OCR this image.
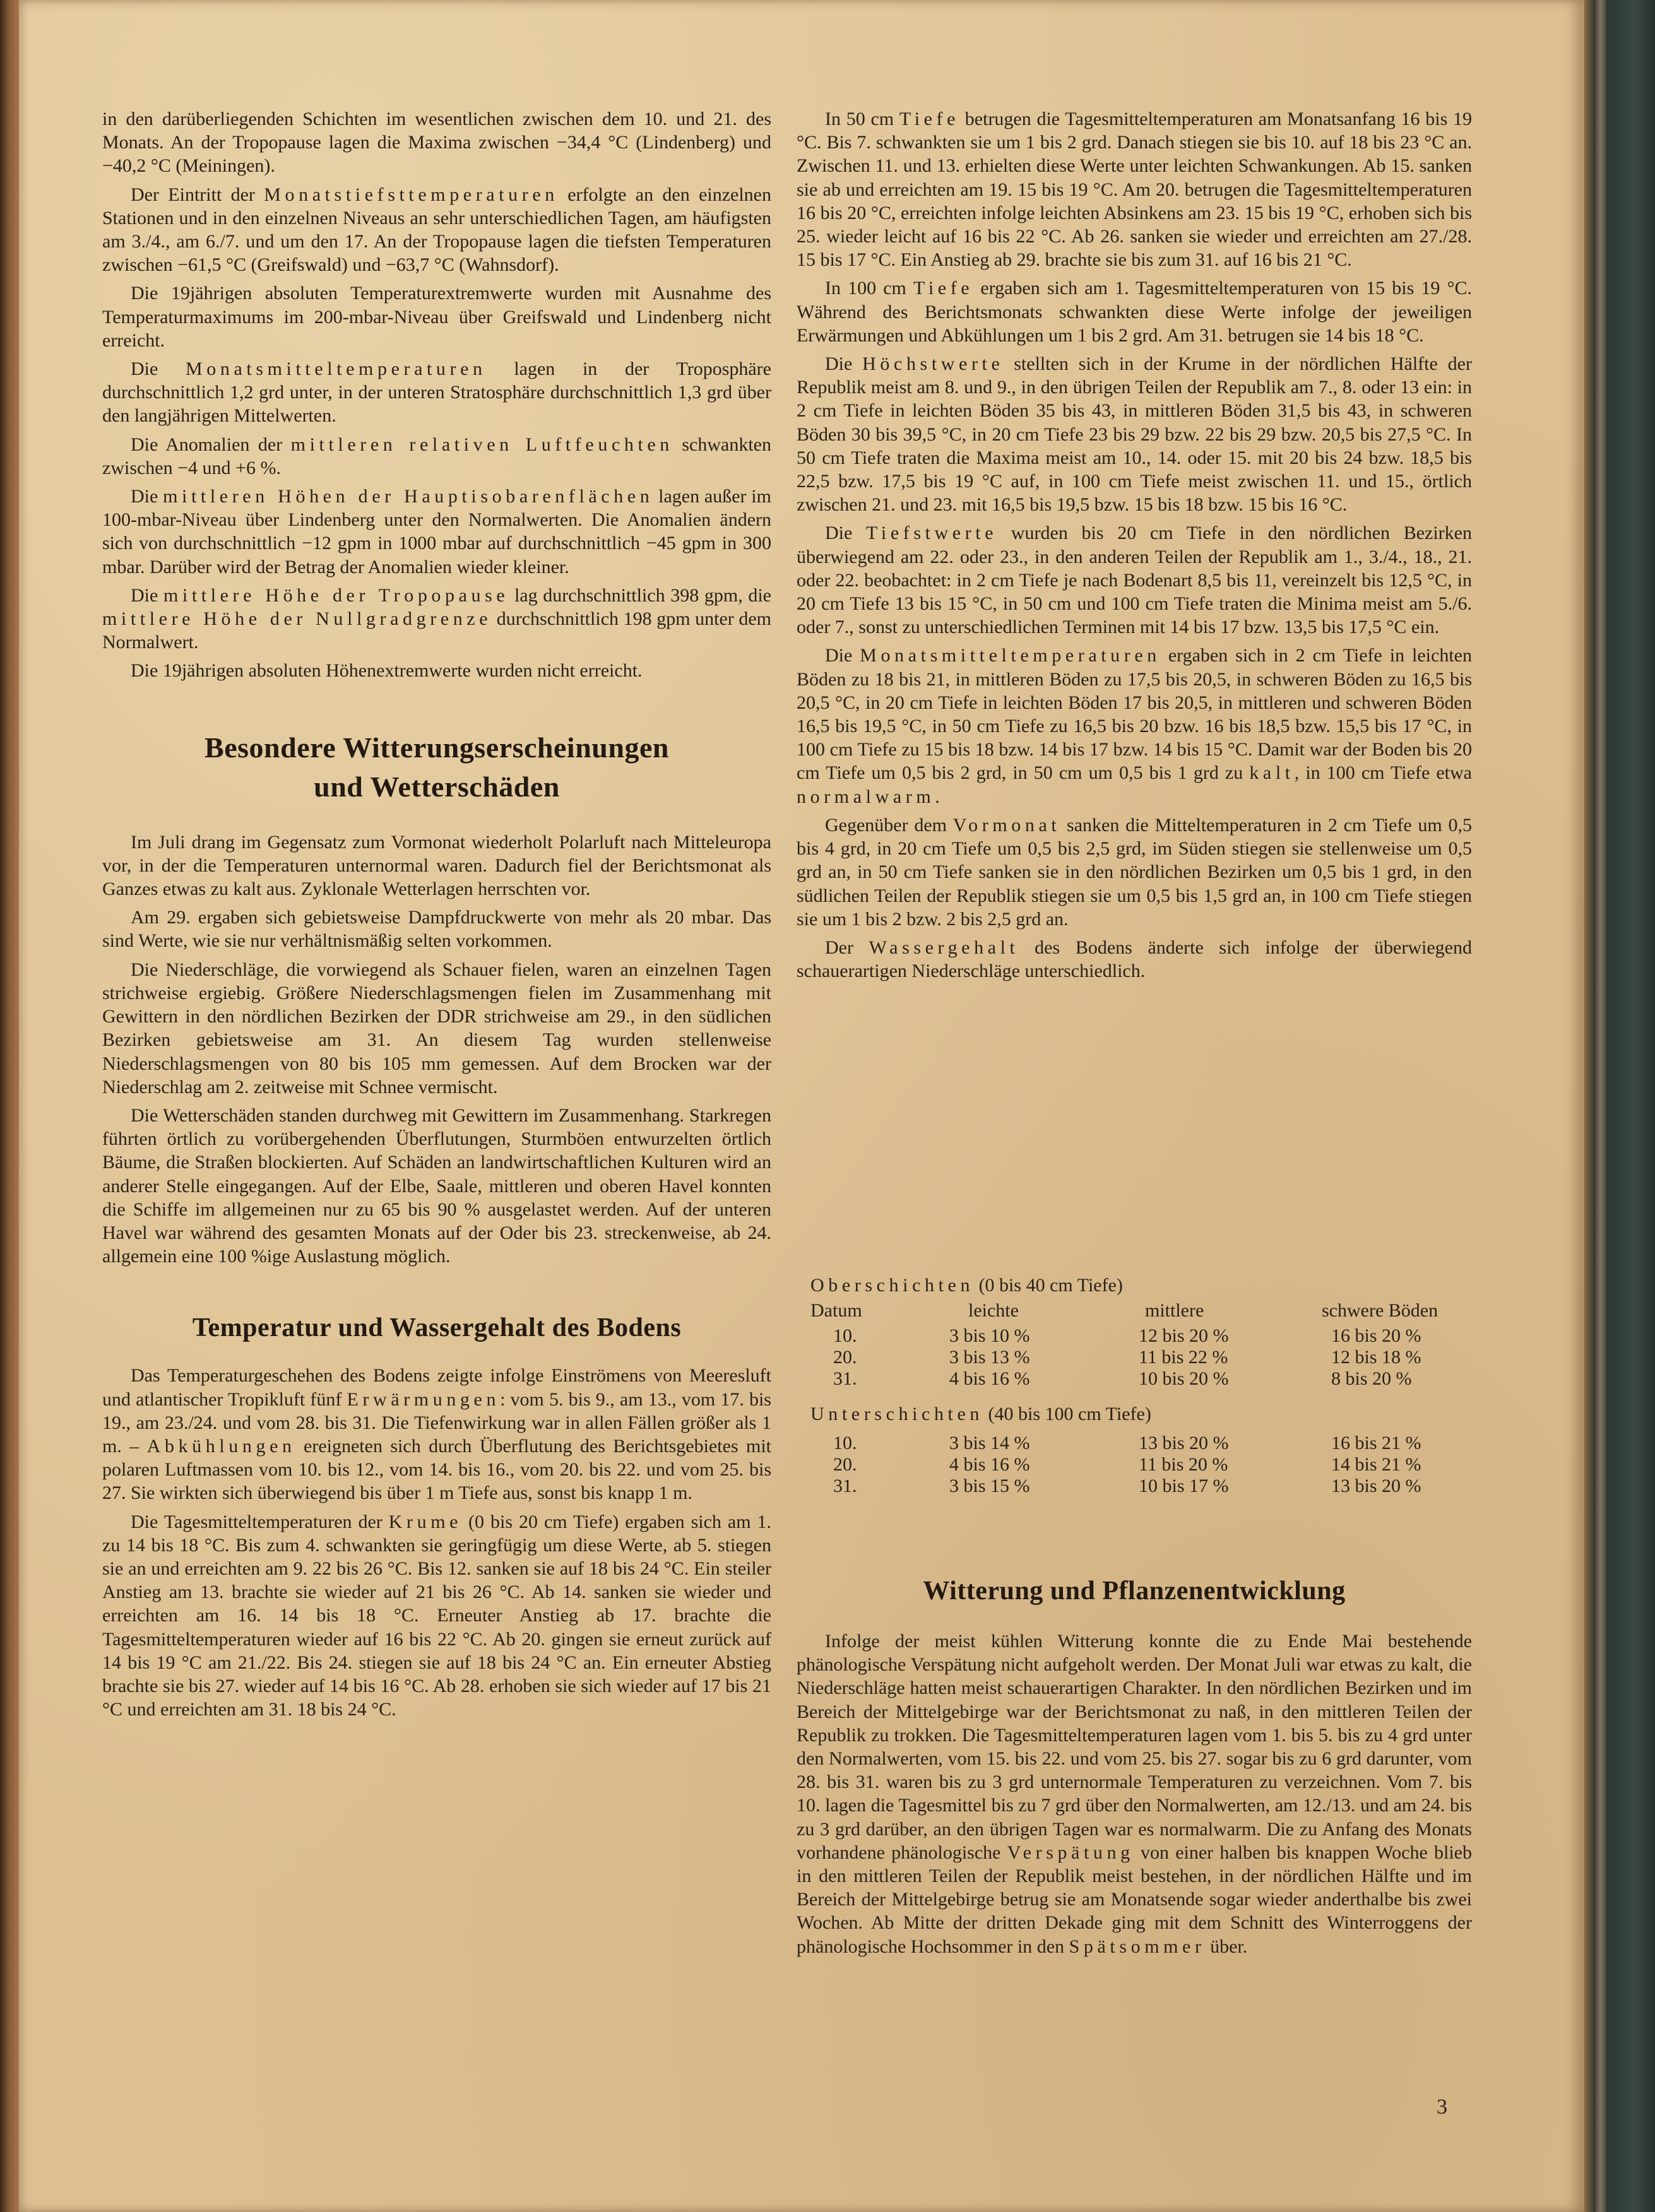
in den darüberliegenden Schichten im wesentlichen zwischen dem 10. und 21. des Monats. An der Tropopause lagen die Maxima zwischen −34,4 °C (Lindenberg) und −40,2 °C (Meiningen).

Der Eintritt der Monatstiefsttemperaturen erfolgte an den einzelnen Stationen und in den einzelnen Niveaus an sehr unterschiedlichen Tagen, am häufigsten am 3./4., am 6./7. und um den 17. An der Tropopause lagen die tiefsten Temperaturen zwischen −61,5 °C (Greifswald) und −63,7 °C (Wahnsdorf).

Die 19jährigen absoluten Temperaturextremwerte wurden mit Ausnahme des Temperaturmaximums im 200-mbar-Niveau über Greifswald und Lindenberg nicht erreicht.

Die Monatsmitteltemperaturen lagen in der Troposphäre durchschnittlich 1,2 grd unter, in der unteren Stratosphäre durchschnittlich 1,3 grd über den langjährigen Mittelwerten.

Die Anomalien der mittleren relativen Luftfeuchten schwankten zwischen −4 und +6 %.

Die mittleren Höhen der Hauptisobarenflächen lagen außer im 100-mbar-Niveau über Lindenberg unter den Normalwerten. Die Anomalien ändern sich von durchschnittlich −12 gpm in 1000 mbar auf durchschnittlich −45 gpm in 300 mbar. Darüber wird der Betrag der Anomalien wieder kleiner.

Die mittlere Höhe der Tropopause lag durchschnittlich 398 gpm, die mittlere Höhe der Nullgradgrenze durchschnittlich 198 gpm unter dem Normalwert.

Die 19jährigen absoluten Höhenextremwerte wurden nicht erreicht.

Besondere Witterungserscheinungen
und Wetterschäden

Im Juli drang im Gegensatz zum Vormonat wiederholt Polarluft nach Mitteleuropa vor, in der die Temperaturen unternormal waren. Dadurch fiel der Berichtsmonat als Ganzes etwas zu kalt aus. Zyklonale Wetterlagen herrschten vor.

Am 29. ergaben sich gebietsweise Dampfdruckwerte von mehr als 20 mbar. Das sind Werte, wie sie nur verhältnismäßig selten vorkommen.

Die Niederschläge, die vorwiegend als Schauer fielen, waren an einzelnen Tagen strichweise ergiebig. Größere Niederschlagsmengen fielen im Zusammenhang mit Gewittern in den nördlichen Bezirken der DDR strichweise am 29., in den südlichen Bezirken gebietsweise am 31. An diesem Tag wurden stellenweise Niederschlagsmengen von 80 bis 105 mm gemessen. Auf dem Brocken war der Niederschlag am 2. zeitweise mit Schnee vermischt.

Die Wetterschäden standen durchweg mit Gewittern im Zusammenhang. Starkregen führten örtlich zu vorübergehenden Überflutungen, Sturmböen entwurzelten örtlich Bäume, die Straßen blockierten. Auf Schäden an landwirtschaftlichen Kulturen wird an anderer Stelle eingegangen. Auf der Elbe, Saale, mittleren und oberen Havel konnten die Schiffe im allgemeinen nur zu 65 bis 90 % ausgelastet werden. Auf der unteren Havel war während des gesamten Monats auf der Oder bis 23. streckenweise, ab 24. allgemein eine 100 %ige Auslastung möglich.

Temperatur und Wassergehalt des Bodens

Das Temperaturgeschehen des Bodens zeigte infolge Einströmens von Meeresluft und atlantischer Tropikluft fünf Erwärmungen: vom 5. bis 9., am 13., vom 17. bis 19., am 23./24. und vom 28. bis 31. Die Tiefenwirkung war in allen Fällen größer als 1 m. – Abkühlungen ereigneten sich durch Überflutung des Berichtsgebietes mit polaren Luftmassen vom 10. bis 12., vom 14. bis 16., vom 20. bis 22. und vom 25. bis 27. Sie wirkten sich überwiegend bis über 1 m Tiefe aus, sonst bis knapp 1 m.

Die Tagesmitteltemperaturen der Krume (0 bis 20 cm Tiefe) ergaben sich am 1. zu 14 bis 18 °C. Bis zum 4. schwankten sie geringfügig um diese Werte, ab 5. stiegen sie an und erreichten am 9. 22 bis 26 °C. Bis 12. sanken sie auf 18 bis 24 °C. Ein steiler Anstieg am 13. brachte sie wieder auf 21 bis 26 °C. Ab 14. sanken sie wieder und erreichten am 16. 14 bis 18 °C. Erneuter Anstieg ab 17. brachte die Tagesmitteltemperaturen wieder auf 16 bis 22 °C. Ab 20. gingen sie erneut zurück auf 14 bis 19 °C am 21./22. Bis 24. stiegen sie auf 18 bis 24 °C an. Ein erneuter Abstieg brachte sie bis 27. wieder auf 14 bis 16 °C. Ab 28. erhoben sie sich wieder auf 17 bis 21 °C und erreichten am 31. 18 bis 24 °C.

In 50 cm Tiefe betrugen die Tagesmitteltemperaturen am Monatsanfang 16 bis 19 °C. Bis 7. schwankten sie um 1 bis 2 grd. Danach stiegen sie bis 10. auf 18 bis 23 °C an. Zwischen 11. und 13. erhielten diese Werte unter leichten Schwankungen. Ab 15. sanken sie ab und erreichten am 19. 15 bis 19 °C. Am 20. betrugen die Tagesmitteltemperaturen 16 bis 20 °C, erreichten infolge leichten Absinkens am 23. 15 bis 19 °C, erhoben sich bis 25. wieder leicht auf 16 bis 22 °C. Ab 26. sanken sie wieder und erreichten am 27./28. 15 bis 17 °C. Ein Anstieg ab 29. brachte sie bis zum 31. auf 16 bis 21 °C.

In 100 cm Tiefe ergaben sich am 1. Tagesmitteltemperaturen von 15 bis 19 °C. Während des Berichtsmonats schwankten diese Werte infolge der jeweiligen Erwärmungen und Abkühlungen um 1 bis 2 grd. Am 31. betrugen sie 14 bis 18 °C.

Die Höchstwerte stellten sich in der Krume in der nördlichen Hälfte der Republik meist am 8. und 9., in den übrigen Teilen der Republik am 7., 8. oder 13 ein: in 2 cm Tiefe in leichten Böden 35 bis 43, in mittleren Böden 31,5 bis 43, in schweren Böden 30 bis 39,5 °C, in 20 cm Tiefe 23 bis 29 bzw. 22 bis 29 bzw. 20,5 bis 27,5 °C. In 50 cm Tiefe traten die Maxima meist am 10., 14. oder 15. mit 20 bis 24 bzw. 18,5 bis 22,5 bzw. 17,5 bis 19 °C auf, in 100 cm Tiefe meist zwischen 11. und 15., örtlich zwischen 21. und 23. mit 16,5 bis 19,5 bzw. 15 bis 18 bzw. 15 bis 16 °C.

Die Tiefstwerte wurden bis 20 cm Tiefe in den nördlichen Bezirken überwiegend am 22. oder 23., in den anderen Teilen der Republik am 1., 3./4., 18., 21. oder 22. beobachtet: in 2 cm Tiefe je nach Bodenart 8,5 bis 11, vereinzelt bis 12,5 °C, in 20 cm Tiefe 13 bis 15 °C, in 50 cm und 100 cm Tiefe traten die Minima meist am 5./6. oder 7., sonst zu unterschiedlichen Terminen mit 14 bis 17 bzw. 13,5 bis 17,5 °C ein.

Die Monatsmitteltemperaturen ergaben sich in 2 cm Tiefe in leichten Böden zu 18 bis 21, in mittleren Böden zu 17,5 bis 20,5, in schweren Böden zu 16,5 bis 20,5 °C, in 20 cm Tiefe in leichten Böden 17 bis 20,5, in mittleren und schweren Böden 16,5 bis 19,5 °C, in 50 cm Tiefe zu 16,5 bis 20 bzw. 16 bis 18,5 bzw. 15,5 bis 17 °C, in 100 cm Tiefe zu 15 bis 18 bzw. 14 bis 17 bzw. 14 bis 15 °C. Damit war der Boden bis 20 cm Tiefe um 0,5 bis 2 grd, in 50 cm um 0,5 bis 1 grd zu kalt, in 100 cm Tiefe etwa normalwarm.

Gegenüber dem Vormonat sanken die Mitteltemperaturen in 2 cm Tiefe um 0,5 bis 4 grd, in 20 cm Tiefe um 0,5 bis 2,5 grd, im Süden stiegen sie stellenweise um 0,5 grd an, in 50 cm Tiefe sanken sie in den nördlichen Bezirken um 0,5 bis 1 grd, in den südlichen Teilen der Republik stiegen sie um 0,5 bis 1,5 grd an, in 100 cm Tiefe stiegen sie um 1 bis 2 bzw. 2 bis 2,5 grd an.

Der Wassergehalt des Bodens änderte sich infolge der überwiegend schauerartigen Niederschläge unterschiedlich.

Oberschichten (0 bis 40 cm Tiefe)
Datum	leichte	mittlere	schwere Böden
10.	3 bis 10 %	12 bis 20 %	16 bis 20 %
20.	3 bis 13 %	11 bis 22 %	12 bis 18 %
31.	4 bis 16 %	10 bis 20 %	8 bis 20 %
Unterschichten (40 bis 100 cm Tiefe)
10.	3 bis 14 %	13 bis 20 %	16 bis 21 %
20.	4 bis 16 %	11 bis 20 %	14 bis 21 %
31.	3 bis 15 %	10 bis 17 %	13 bis 20 %
Witterung und Pflanzenentwicklung

Infolge der meist kühlen Witterung konnte die zu Ende Mai bestehende phänologische Verspätung nicht aufgeholt werden. Der Monat Juli war etwas zu kalt, die Niederschläge hatten meist schauerartigen Charakter. In den nördlichen Bezirken und im Bereich der Mittelgebirge war der Berichtsmonat zu naß, in den mittleren Teilen der Republik zu trokken. Die Tagesmitteltemperaturen lagen vom 1. bis 5. bis zu 4 grd unter den Normalwerten, vom 15. bis 22. und vom 25. bis 27. sogar bis zu 6 grd darunter, vom 28. bis 31. waren bis zu 3 grd unternormale Temperaturen zu verzeichnen. Vom 7. bis 10. lagen die Tagesmittel bis zu 7 grd über den Normalwerten, am 12./13. und am 24. bis zu 3 grd darüber, an den übrigen Tagen war es normalwarm. Die zu Anfang des Monats vorhandene phänologische Verspätung von einer halben bis knappen Woche blieb in den mittleren Teilen der Republik meist bestehen, in der nördlichen Hälfte und im Bereich der Mittelgebirge betrug sie am Monatsende sogar wieder anderthalbe bis zwei Wochen. Ab Mitte der dritten Dekade ging mit dem Schnitt des Winterroggens der phänologische Hochsommer in den Spätsommer über.

3
